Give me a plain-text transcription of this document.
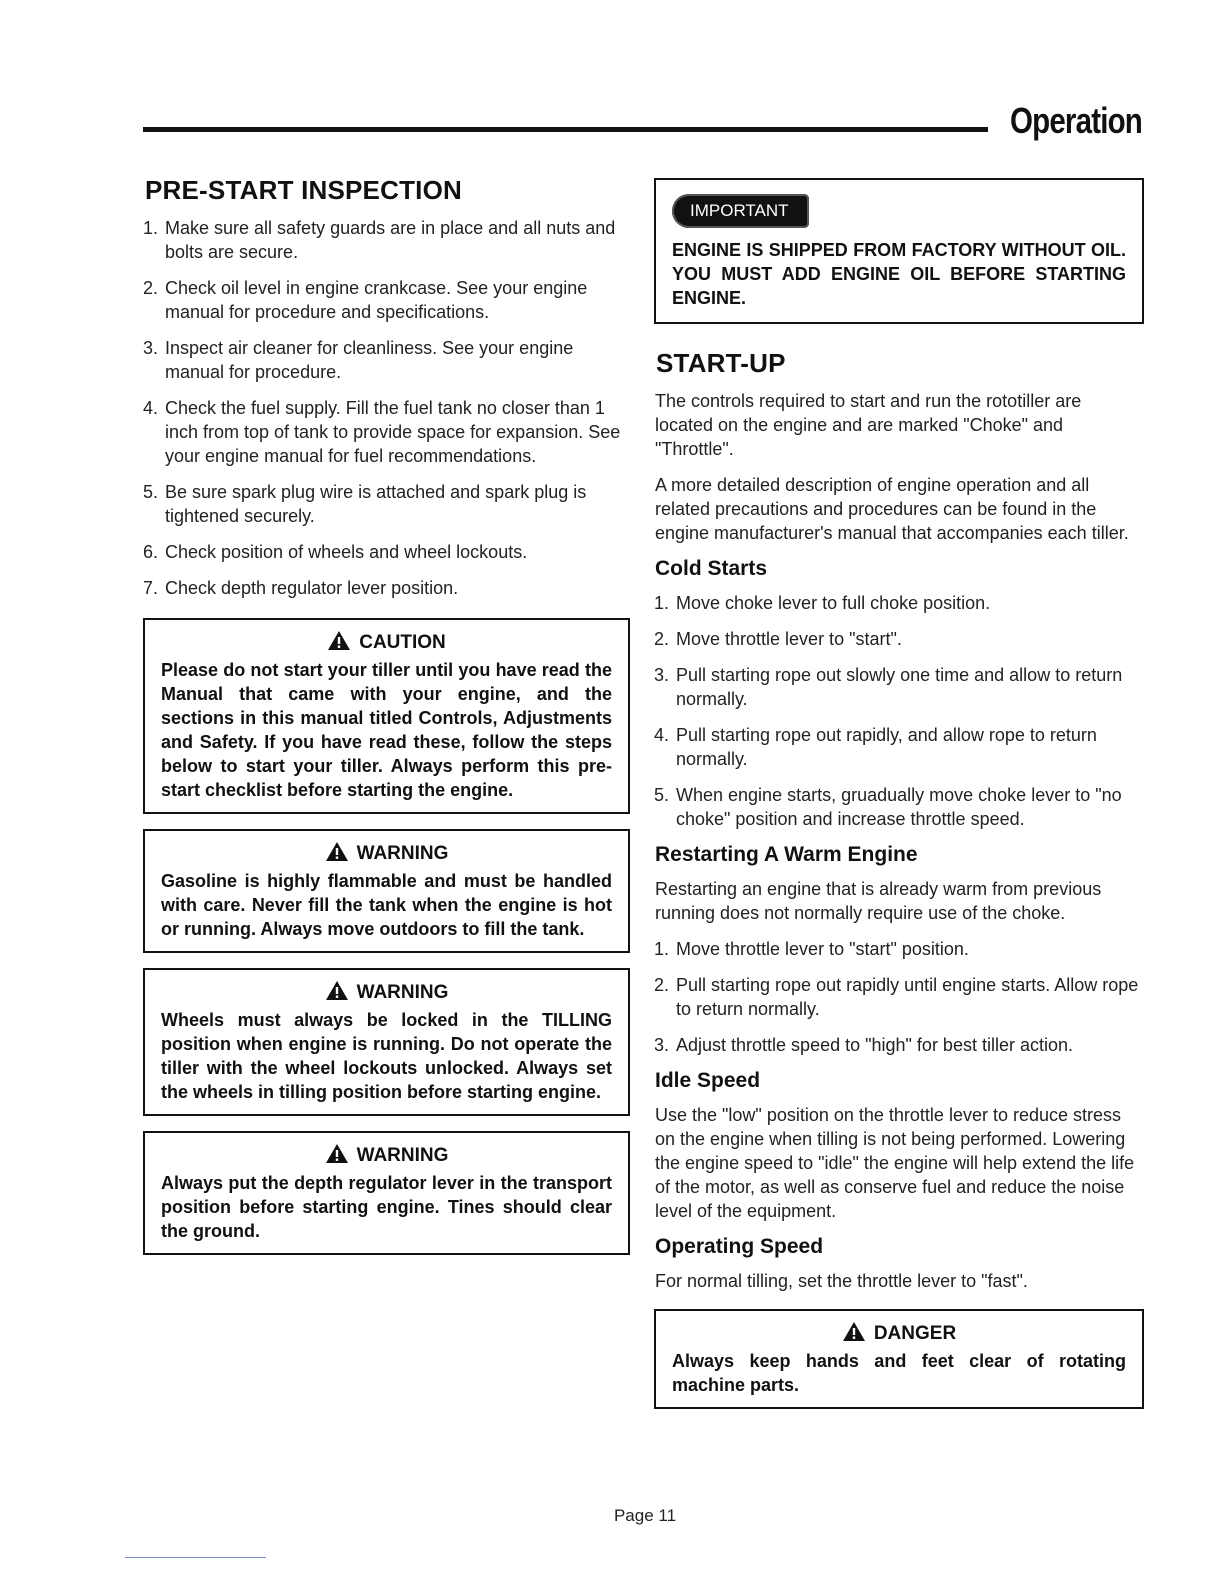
Operation
PRE-START INSPECTION
1. Make sure all safety guards are in place and all nuts and bolts are secure.
2. Check oil level in engine crankcase. See your engine manual for procedure and specifications.
3. Inspect air cleaner for cleanliness. See your engine manual for procedure.
4. Check the fuel supply. Fill the fuel tank no closer than 1 inch from top of tank to provide space for expansion. See your engine manual for fuel recommendations.
5. Be sure spark plug wire is attached and spark plug is tightened securely.
6. Check position of wheels and wheel lockouts.
7. Check depth regulator lever position.
CAUTION
Please do not start your tiller until you have read the Manual that came with your engine, and the sections in this manual titled Controls, Adjustments and Safety. If you have read these, follow the steps below to start your tiller. Always perform this pre-start checklist before starting the engine.
WARNING
Gasoline is highly flammable and must be handled with care. Never fill the tank when the engine is hot or running. Always move outdoors to fill the tank.
WARNING
Wheels must always be locked in the TILLING position when engine is running. Do not operate the tiller with the wheel lockouts unlocked. Always set the wheels in tilling position before starting engine.
WARNING
Always put the depth regulator lever in the transport position before starting engine. Tines should clear the ground.
IMPORTANT
ENGINE IS SHIPPED FROM FACTORY WITHOUT OIL. YOU MUST ADD ENGINE OIL BEFORE STARTING ENGINE.
START-UP

The controls required to start and run the rototiller are located on the engine and are marked "Choke" and "Throttle".

A more detailed description of engine operation and all related precautions and procedures can be found in the engine manufacturer's manual that accompanies each tiller.

Cold Starts
1. Move choke lever to full choke position.
2. Move throttle lever to "start".
3. Pull starting rope out slowly one time and allow to return normally.
4. Pull starting rope out rapidly, and allow rope to return normally.
5. When engine starts, gruadually move choke lever to "no choke" position and increase throttle speed.
Restarting A Warm Engine

Restarting an engine that is already warm from previous running does not normally require use of the choke.

1. Move throttle lever to "start" position.
2. Pull starting rope out rapidly until engine starts. Allow rope to return normally.
3. Adjust throttle speed to "high" for best tiller action.
Idle Speed

Use the "low" position on the throttle lever to reduce stress on the engine when tilling is not being performed. Lowering the engine speed to "idle" the engine will help extend the life of the motor, as well as conserve fuel and reduce the noise level of the equipment.

Operating Speed

For normal tilling, set the throttle lever to "fast".

DANGER
Always keep hands and feet clear of rotating machine parts.
Page 11
